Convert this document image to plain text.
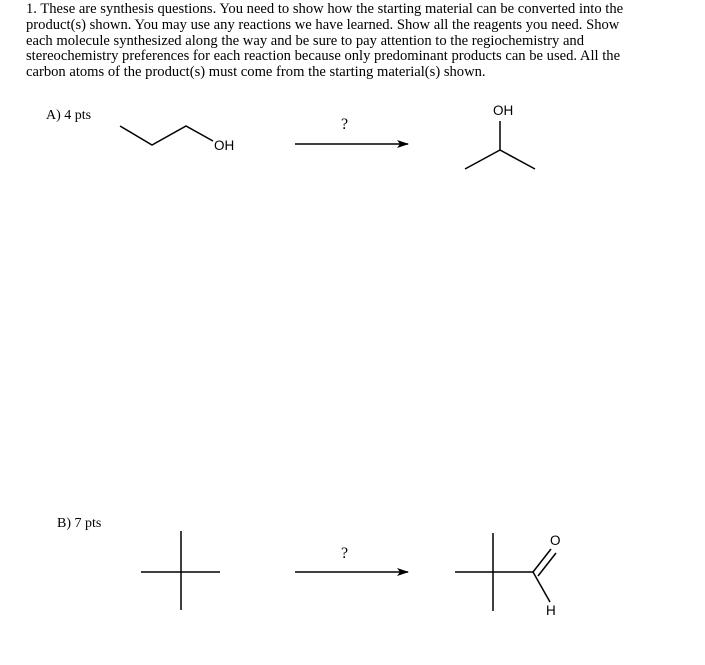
1. These are synthesis questions. You need to show how the starting material can be converted into the
product(s) shown. You may use any reactions we have learned. Show all the reagents you need. Show
each molecule synthesized along the way and be sure to pay attention to the regiochemistry and
stereochemistry preferences for each reaction because only predominant products can be used. All the
carbon atoms of the product(s) must come from the starting material(s) shown.
A) 4 pts
?
OH
OH
B) 7 pts
?
O
H
